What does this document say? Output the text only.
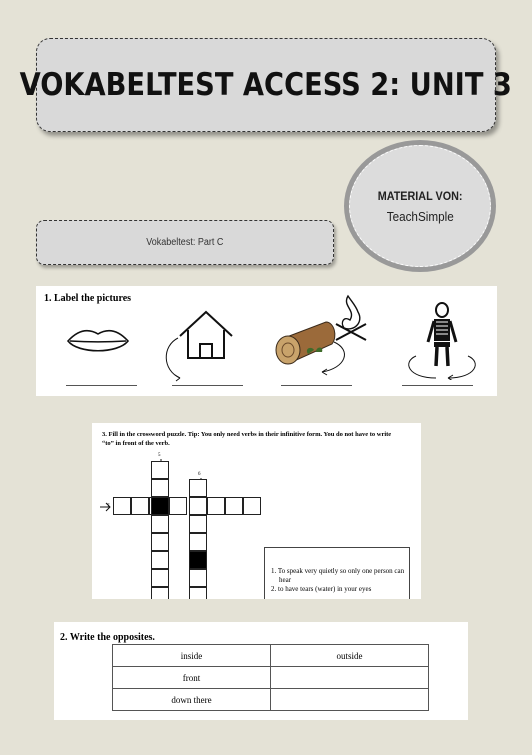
VOKABELTEST ACCESS 2: UNIT 3
MATERIAL VON:
TeachSimple
Vokabeltest: Part C
1. Label the pictures
3. Fill in the crossword puzzle. Tip: You only need verbs in their infinitive form. You do not have to write “to” in front of the verb.
5
6
7
1. To speak very quietly so only one person can hear
2. to have tears (water) in your eyes
2. Write the opposites.
inside	outside
front	
down there	
